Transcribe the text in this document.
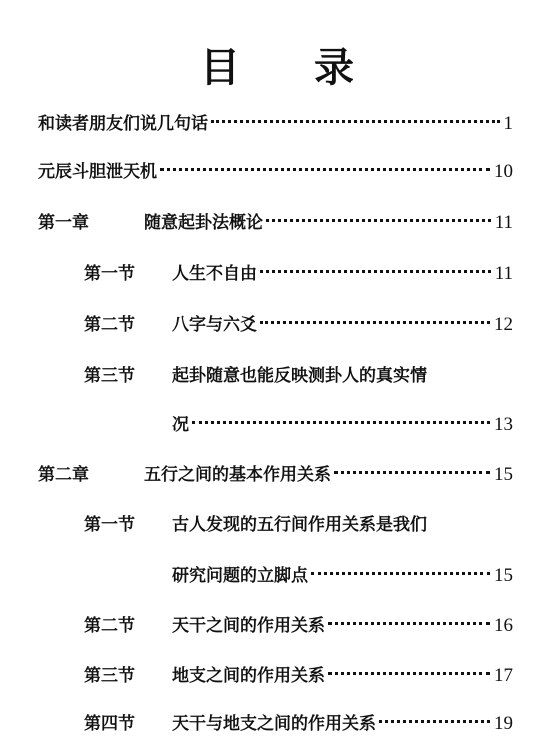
目 录
和读者朋友们说几句话	1
元辰斗胆泄天机	10
第一章	随意起卦法概论	11
第一节	人生不自由	11
第二节	八字与六爻	12
第三节	起卦随意也能反映测卦人的真实情
况	13
第二章	五行之间的基本作用关系	15
第一节	古人发现的五行间作用关系是我们
研究问题的立脚点	15
第二节	天干之间的作用关系	16
第三节	地支之间的作用关系	17
第四节	天干与地支之间的作用关系	19
